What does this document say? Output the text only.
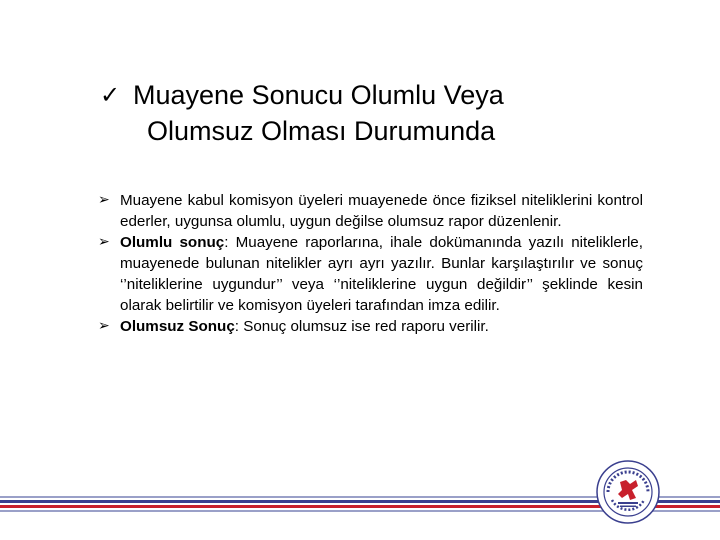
✓ Muayene Sonucu Olumlu Veya
Olumsuz Olması Durumunda
➢ Muayene kabul komisyon üyeleri muayenede önce fiziksel niteliklerini kontrol ederler, uygunsa olumlu, uygun değilse olumsuz rapor düzenlenir.
➢ Olumlu sonuç: Muayene raporlarına, ihale dokümanında yazılı niteliklerle, muayenede bulunan nitelikler ayrı ayrı yazılır. Bunlar karşılaştırılır ve sonuç ‘’niteliklerine uygundur’’ veya ‘’niteliklerine uygun değildir’’ şeklinde kesin olarak belirtilir ve komisyon üyeleri tarafından imza edilir.
➢ Olumsuz Sonuç: Sonuç olumsuz ise red raporu verilir.
